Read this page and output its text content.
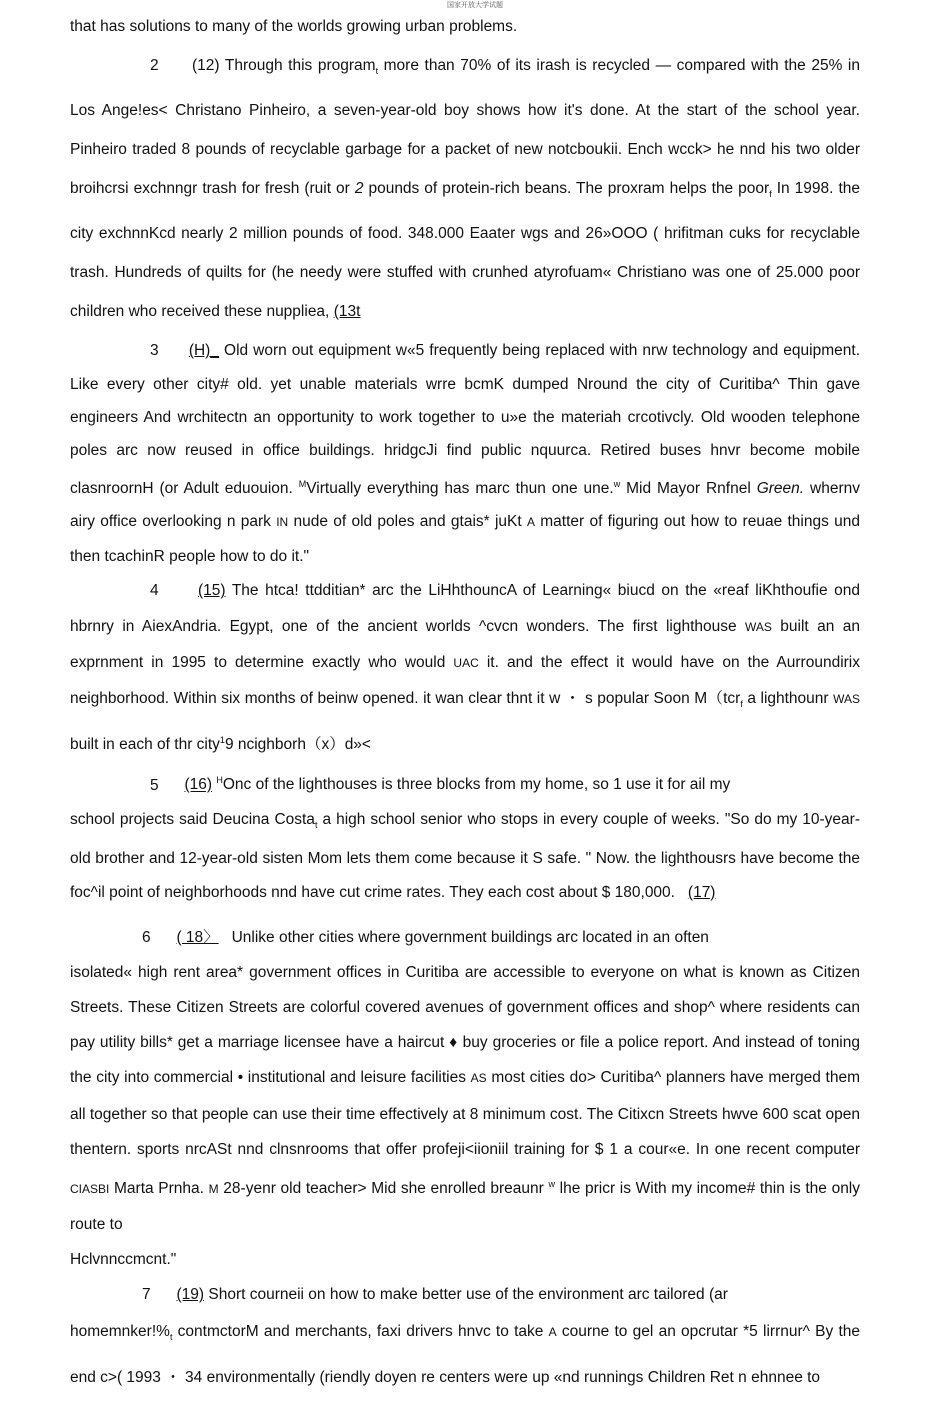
国家开放大学试题

that has solutions to many of the worlds growing urban problems.

2 (12) Through this program$_t$ more than 70% of its irash is recycled — compared with the 25% in Los Ange!es< Christano Pinheiro, a seven-year-old boy shows how it's done. At the start of the school year. Pinheiro traded 8 pounds of recyclable garbage for a packet of new notcboukii. Ench wcck> he nnd his two older broihcrsi exchnngr trash for fresh (ruit or 2 pounds of protein-rich beans. The proxram helps the poor$_f$ In 1998. the city exchnnKcd nearly 2 million pounds of food. 348.000 Eaater wgs and 26»OOO ( hrifitman cuks for recyclable trash. Hundreds of quilts for (he needy were stuffed with crunhed atyrofuam« Christiano was one of 25.000 poor children who received these nuppliea, (13t

3 (H)_ Old worn out equipment w«5 frequently being replaced with nrw technology and equipment. Like every other city# old. yet unable materials wrre bcmK dumped Nround the city of Curitiba^ Thin gave engineers And wrchitectn an opportunity to work together to u»e the materiah crcotivcly. Old wooden telephone poles arc now reused in office buildings. hridgcJi find public nquurca. Retired buses hnvr become mobile clasnroornH (or Adult eduouion. $^M$Virtually everything has marc thun one une.$^w$ Mid Mayor Rnfnel Green. whernv airy office overlooking n park IN nude of old poles and gtais* juKt A matter of figuring out how to reuae things und then tcachinR people how to do it."

4	(15) The htca! ttdditian* arc the LiHhthouncA of Learning« biucd on the «reaf liKhthoufie ond hbrnry in AiexAndria. Egypt, one of the ancient worlds ^cvcn wonders. The first lighthouse WAS built an an exprnment in 1995 to determine exactly who would UAC it. and the effect it would have on the Aurroundirix neighborhood. Within six months of beinw opened. it wan clear thnt it w ・ s popular Soon M（tcr$_f$ a lighthounr WAS built in each of thr city$^1$9 ncighborh（x）d»<

5 (16) $^H$Onc of the lighthouses is three blocks from my home, so 1 use it for ail my

school projects said Deucina Costa$_t$ a high school senior who stops in every couple of weeks. "So do my 10-year-old brother and 12-year-old sisten Mom lets them come because it S safe. " Now. the lighthousrs have become the foc^il point of neighborhoods nnd have cut crime rates. They each cost about $ 180,000. (17)

6 ( 18〉 Unlike other cities where government buildings arc located in an often

isolated« high rent area* government offices in Curitiba are accessible to everyone on what is known as Citizen Streets. These Citizen Streets are colorful covered avenues of government offices and shop^ where residents can pay utility bills* get a marriage licensee have a haircut ♦ buy groceries or file a police report. And instead of toning the city into commercial • institutional and leisure facilities AS most cities do> Curitiba^ planners have merged them all together so that people can use their time effectively at 8 minimum cost. The Citixcn Streets hwve 600 scat open thentern. sports nrcASt nnd clnsnrooms that offer profeji<iioniil training for $ 1 a cour«e. In one recent computer CIASBI Marta Prnha. M 28-yenr old teacher> Mid she enrolled breaunr $^w$ lhe pricr is With my income# thin is the only route to

Hclvnnccmcnt."

7 (19) Short courneii on how to make better use of the environment arc tailored (ar

$homemnker!\%_t$ contmctorM and merchants, faxi drivers hnvc to take A courne to gel an opcrutar *5 lirrnur^ By the end c>( 1993 ・ 34 environmentally (riendly doyen re centers were up «nd runnings Children Ret n ehnnee to
